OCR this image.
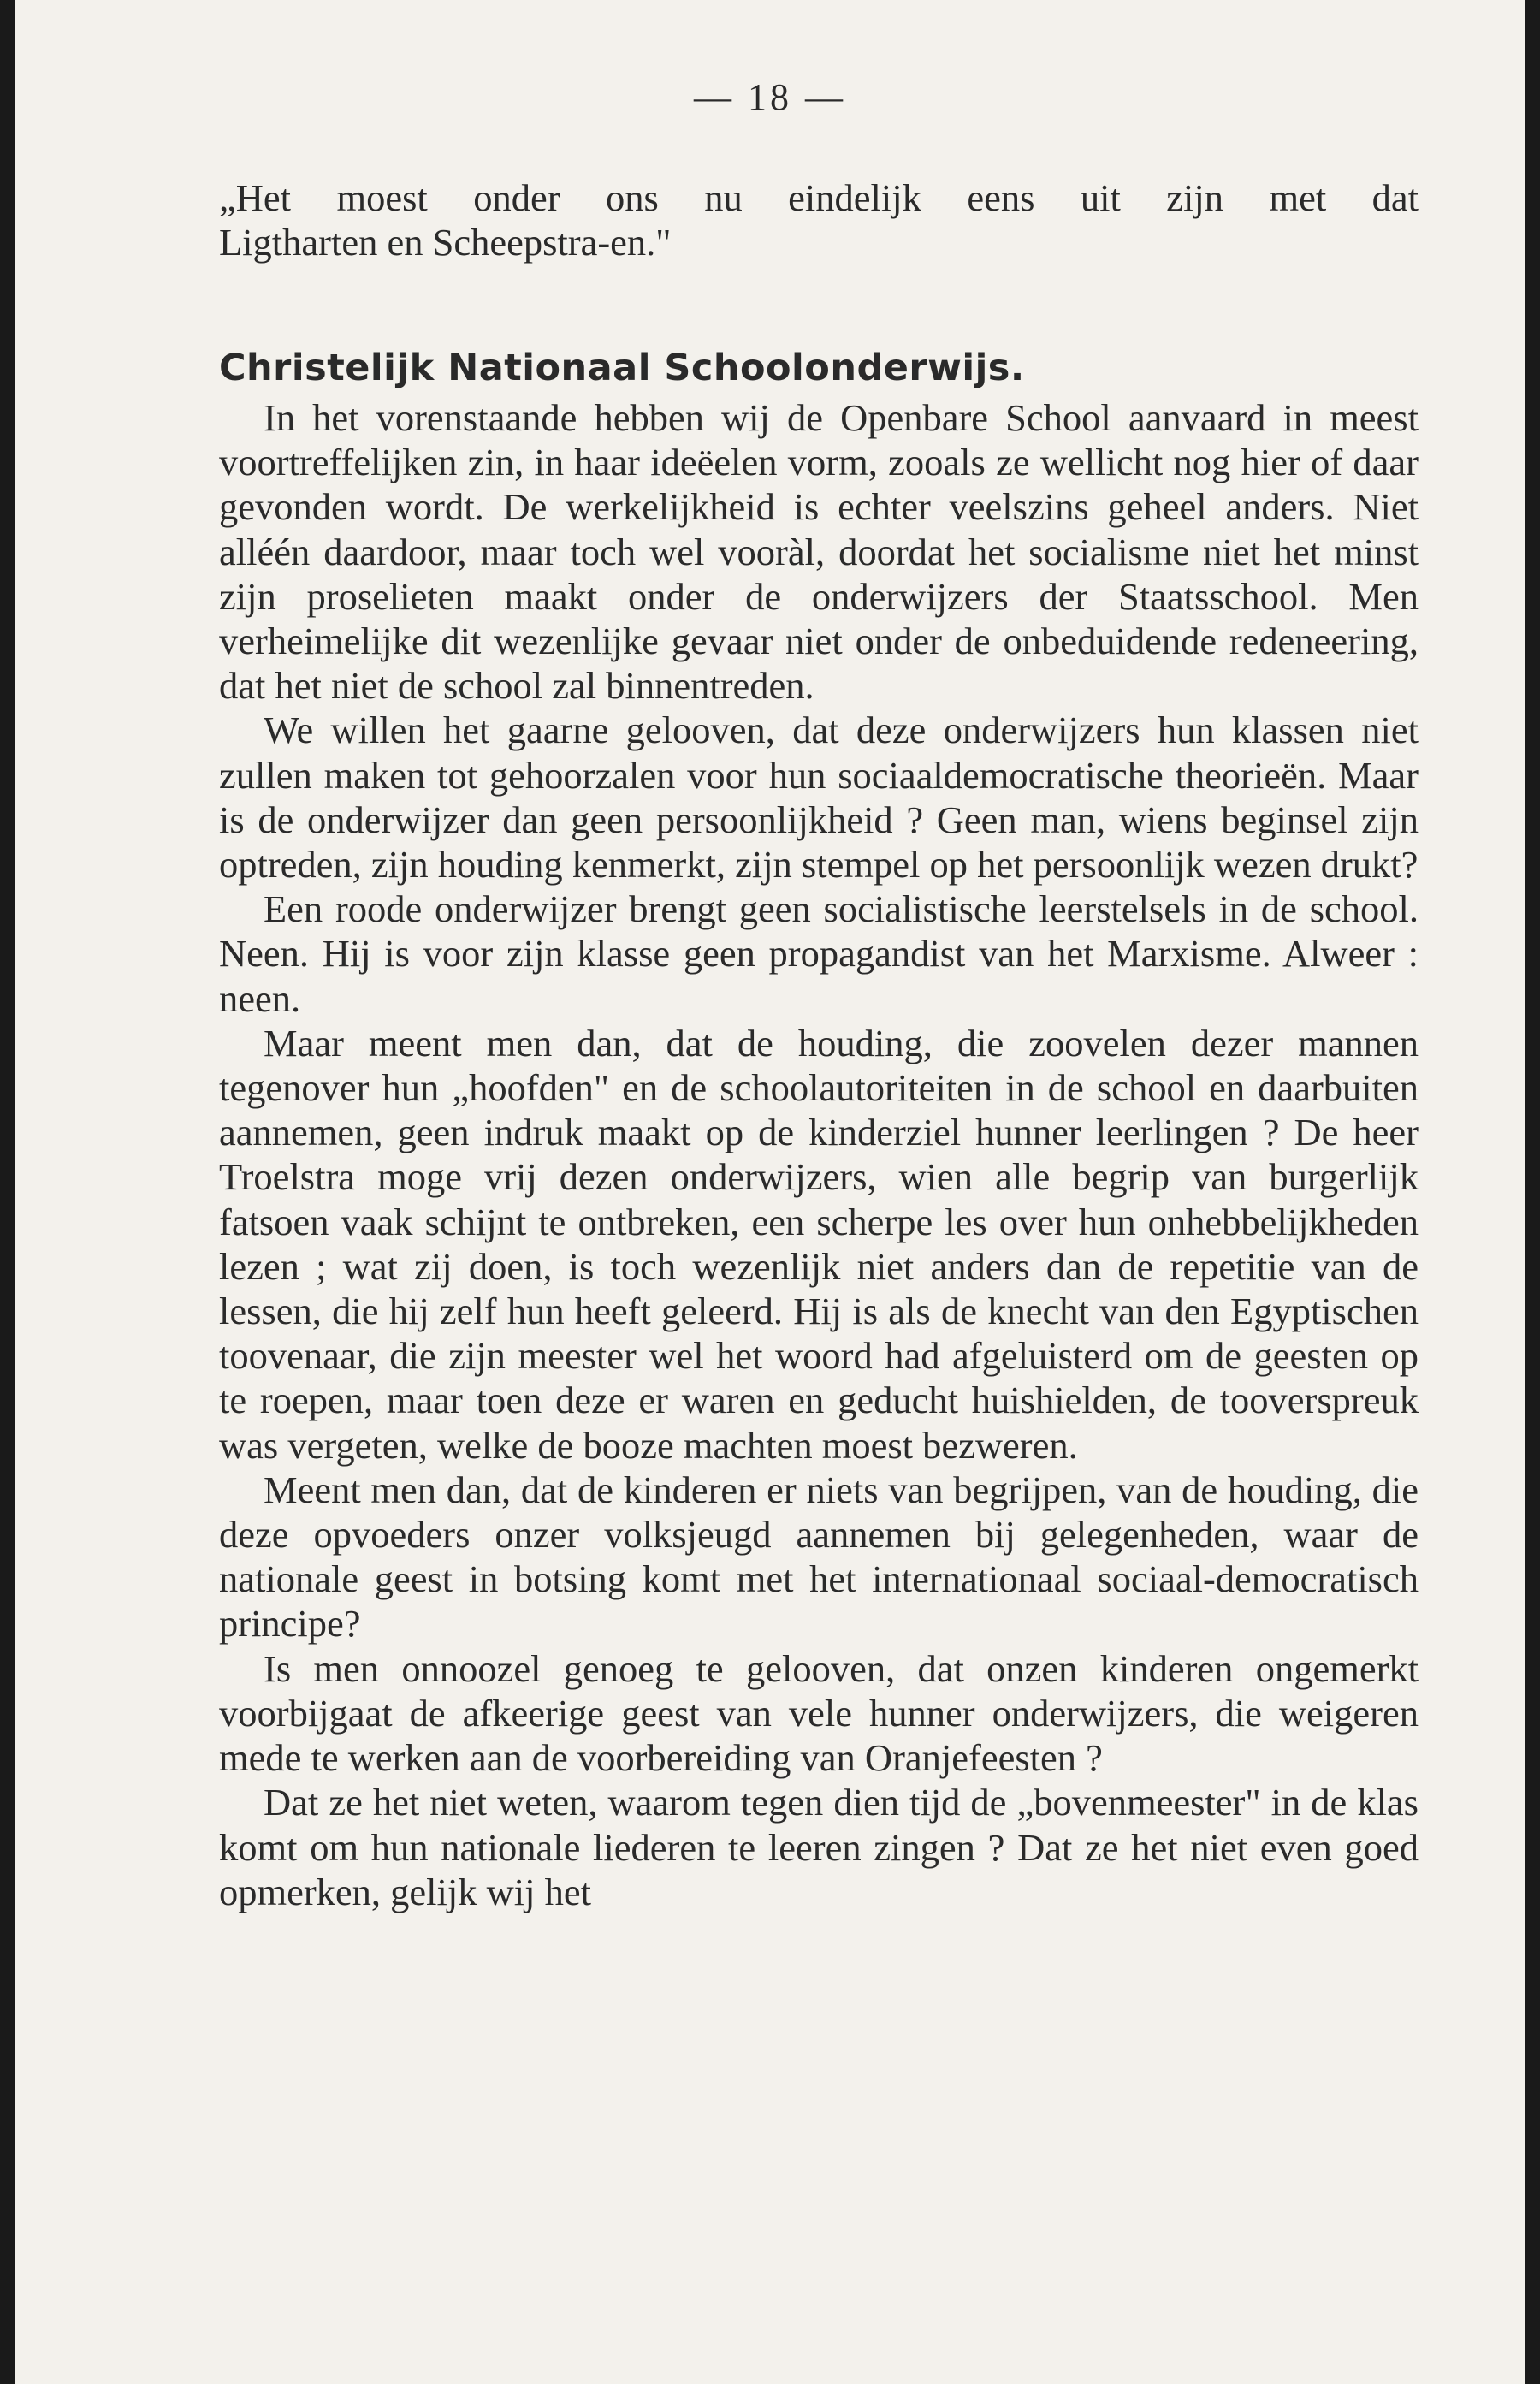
— 18 —
„Het moest onder ons nu eindelijk eens uit zijn met dat
Ligtharten en Scheepstra-en."
Christelijk Nationaal Schoolonderwijs.

In het vorenstaande hebben wij de Openbare School aanvaard in meest voortreffelijken zin, in haar ideëelen vorm, zooals ze wellicht nog hier of daar gevonden wordt. De werkelijkheid is echter veelszins geheel anders. Niet alléén daardoor, maar toch wel vooràl, doordat het socialisme niet het minst zijn proselieten maakt onder de onderwijzers der Staatsschool. Men verheimelijke dit wezenlijke gevaar niet onder de onbeduidende redeneering, dat het niet de school zal binnentreden.

We willen het gaarne gelooven, dat deze onderwijzers hun klassen niet zullen maken tot gehoorzalen voor hun sociaaldemocratische theorieën. Maar is de onderwijzer dan geen persoonlijkheid ? Geen man, wiens beginsel zijn optreden, zijn houding kenmerkt, zijn stempel op het persoonlijk wezen drukt?

Een roode onderwijzer brengt geen socialistische leerstelsels in de school. Neen. Hij is voor zijn klasse geen propagandist van het Marxisme. Alweer : neen.

Maar meent men dan, dat de houding, die zoovelen dezer mannen tegenover hun „hoofden" en de schoolautoriteiten in de school en daarbuiten aannemen, geen indruk maakt op de kinderziel hunner leerlingen ? De heer Troelstra moge vrij dezen onderwijzers, wien alle begrip van burgerlijk fatsoen vaak schijnt te ontbreken, een scherpe les over hun onhebbelijkheden lezen ; wat zij doen, is toch wezenlijk niet anders dan de repetitie van de lessen, die hij zelf hun heeft geleerd. Hij is als de knecht van den Egyptischen toovenaar, die zijn meester wel het woord had afgeluisterd om de geesten op te roepen, maar toen deze er waren en geducht huishielden, de tooverspreuk was vergeten, welke de booze machten moest bezweren.

Meent men dan, dat de kinderen er niets van begrijpen, van de houding, die deze opvoeders onzer volksjeugd aannemen bij gelegenheden, waar de nationale geest in botsing komt met het internationaal sociaal-democratisch principe?

Is men onnoozel genoeg te gelooven, dat onzen kinderen ongemerkt voorbijgaat de afkeerige geest van vele hunner onderwijzers, die weigeren mede te werken aan de voorbereiding van Oranjefeesten ?

Dat ze het niet weten, waarom tegen dien tijd de „bovenmeester" in de klas komt om hun nationale liederen te leeren zingen ? Dat ze het niet even goed opmerken, gelijk wij het
